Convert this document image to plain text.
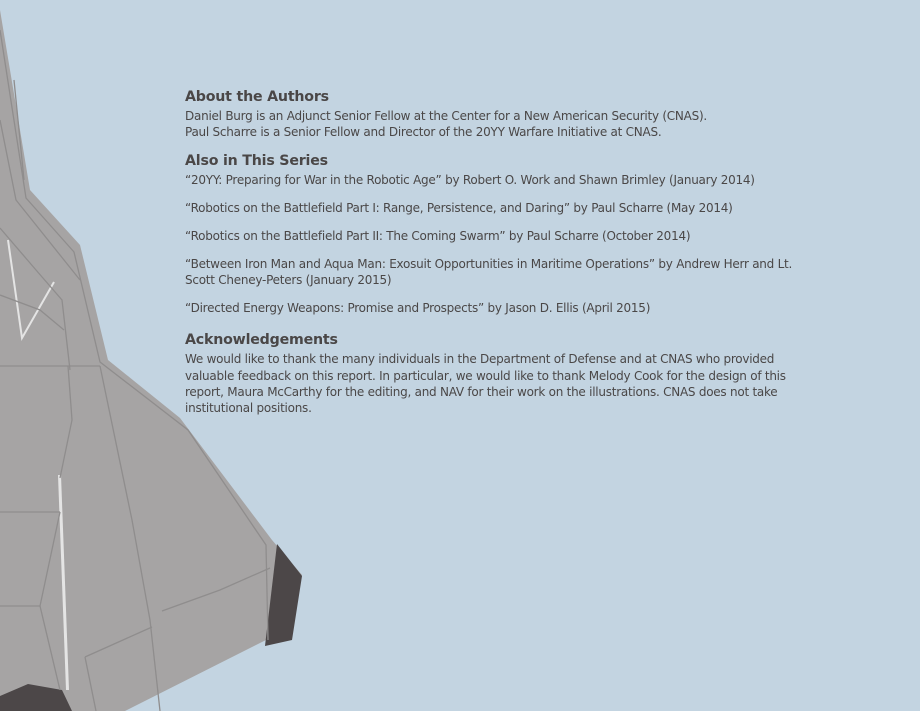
About the Authors

Daniel Burg is an Adjunct Senior Fellow at the Center for a New American Security (CNAS).

Paul Scharre is a Senior Fellow and Director of the 20YY Warfare Initiative at CNAS.

Also in This Series

“20YY: Preparing for War in the Robotic Age” by Robert O. Work and Shawn Brimley (January 2014)

“Robotics on the Battlefield Part I: Range, Persistence, and Daring” by Paul Scharre (May 2014)

“Robotics on the Battlefield Part II: The Coming Swarm” by Paul Scharre (October 2014)

“Between Iron Man and Aqua Man: Exosuit Opportunities in Maritime Operations” by Andrew Herr and Lt. Scott Cheney-Peters (January 2015)

“Directed Energy Weapons: Promise and Prospects” by Jason D. Ellis (April 2015)

Acknowledgements

We would like to thank the many individuals in the Department of Defense and at CNAS who provided valuable feedback on this report. In particular, we would like to thank Melody Cook for the design of this report, Maura McCarthy for the editing, and NAV for their work on the illustrations. CNAS does not take institutional positions.
